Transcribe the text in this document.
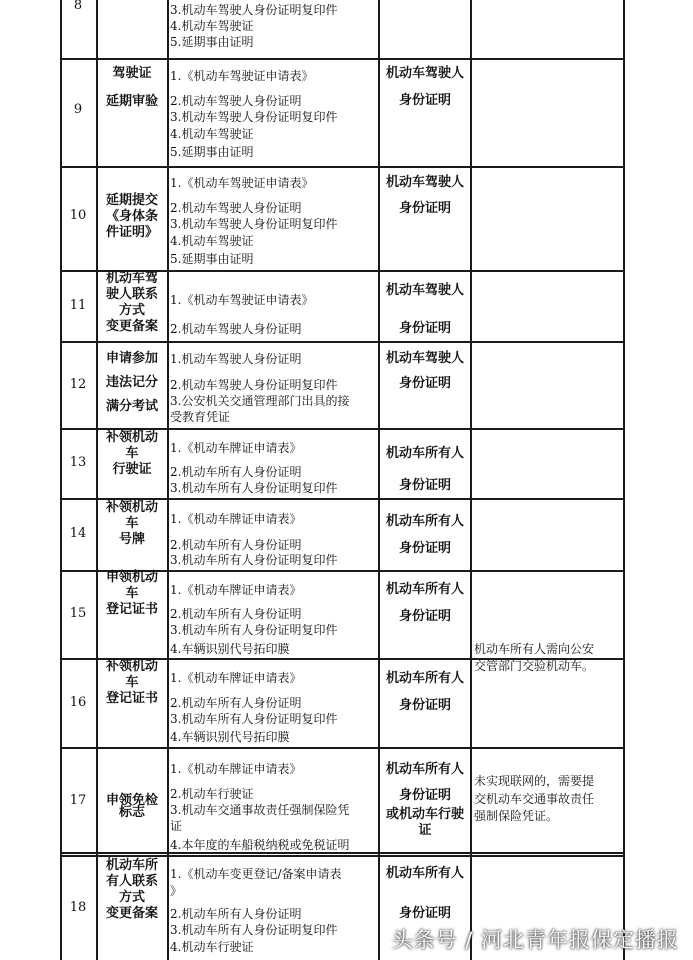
8	3.机动车驾驶人身份证明复印件
4.机动车驾驶证
5.延期事由证明
9
驾驶证
延期审验
1.《机动车驾驶证申请表》
2.机动车驾驶人身份证明
3.机动车驾驶人身份证明复印件
4.机动车驾驶证
5.延期事由证明
机动车驾驶人
身份证明
10
延期提交
《身体条
件证明》
1.《机动车驾驶证申请表》
2.机动车驾驶人身份证明
3.机动车驾驶人身份证明复印件
4.机动车驾驶证
5.延期事由证明
机动车驾驶人
身份证明
11
机动车驾
驶人联系
方式
变更备案
1.《机动车驾驶证申请表》
2.机动车驾驶人身份证明
机动车驾驶人
身份证明
12
申请参加
违法记分
满分考试
1.机动车驾驶人身份证明
2.机动车驾驶人身份证明复印件
3.公安机关交通管理部门出具的接
受教育凭证
机动车驾驶人
身份证明
13
补领机动
车
行驶证
1.《机动车牌证申请表》
2.机动车所有人身份证明
3.机动车所有人身份证明复印件
机动车所有人
身份证明
14
补领机动
车
号牌
1.《机动车牌证申请表》
2.机动车所有人身份证明
3.机动车所有人身份证明复印件
机动车所有人
身份证明
15
申领机动
车
登记证书
1.《机动车牌证申请表》
2.机动车所有人身份证明
3.机动车所有人身份证明复印件
4.车辆识别代号拓印膜
机动车所有人
身份证明
机动车所有人需向公安
交管部门交验机动车。
16
补领机动
车
登记证书
1.《机动车牌证申请表》
2.机动车所有人身份证明
3.机动车所有人身份证明复印件
4.车辆识别代号拓印膜
机动车所有人
身份证明
17	申领免检
标志
1.《机动车牌证申请表》
2.机动车行驶证
3.机动车交通事故责任强制保险凭
证
4.本年度的车船税纳税或免税证明
机动车所有人
身份证明
或机动车行驶
证
未实现联网的，需要提
交机动车交通事故责任
强制保险凭证。
18
机动车所
有人联系
方式
变更备案
1.《机动车变更登记/备案申请表
》
2.机动车所有人身份证明
3.机动车所有人身份证明复印件
4.机动车行驶证
机动车所有人
身份证明
头条号 / 河北青年报保定播报
